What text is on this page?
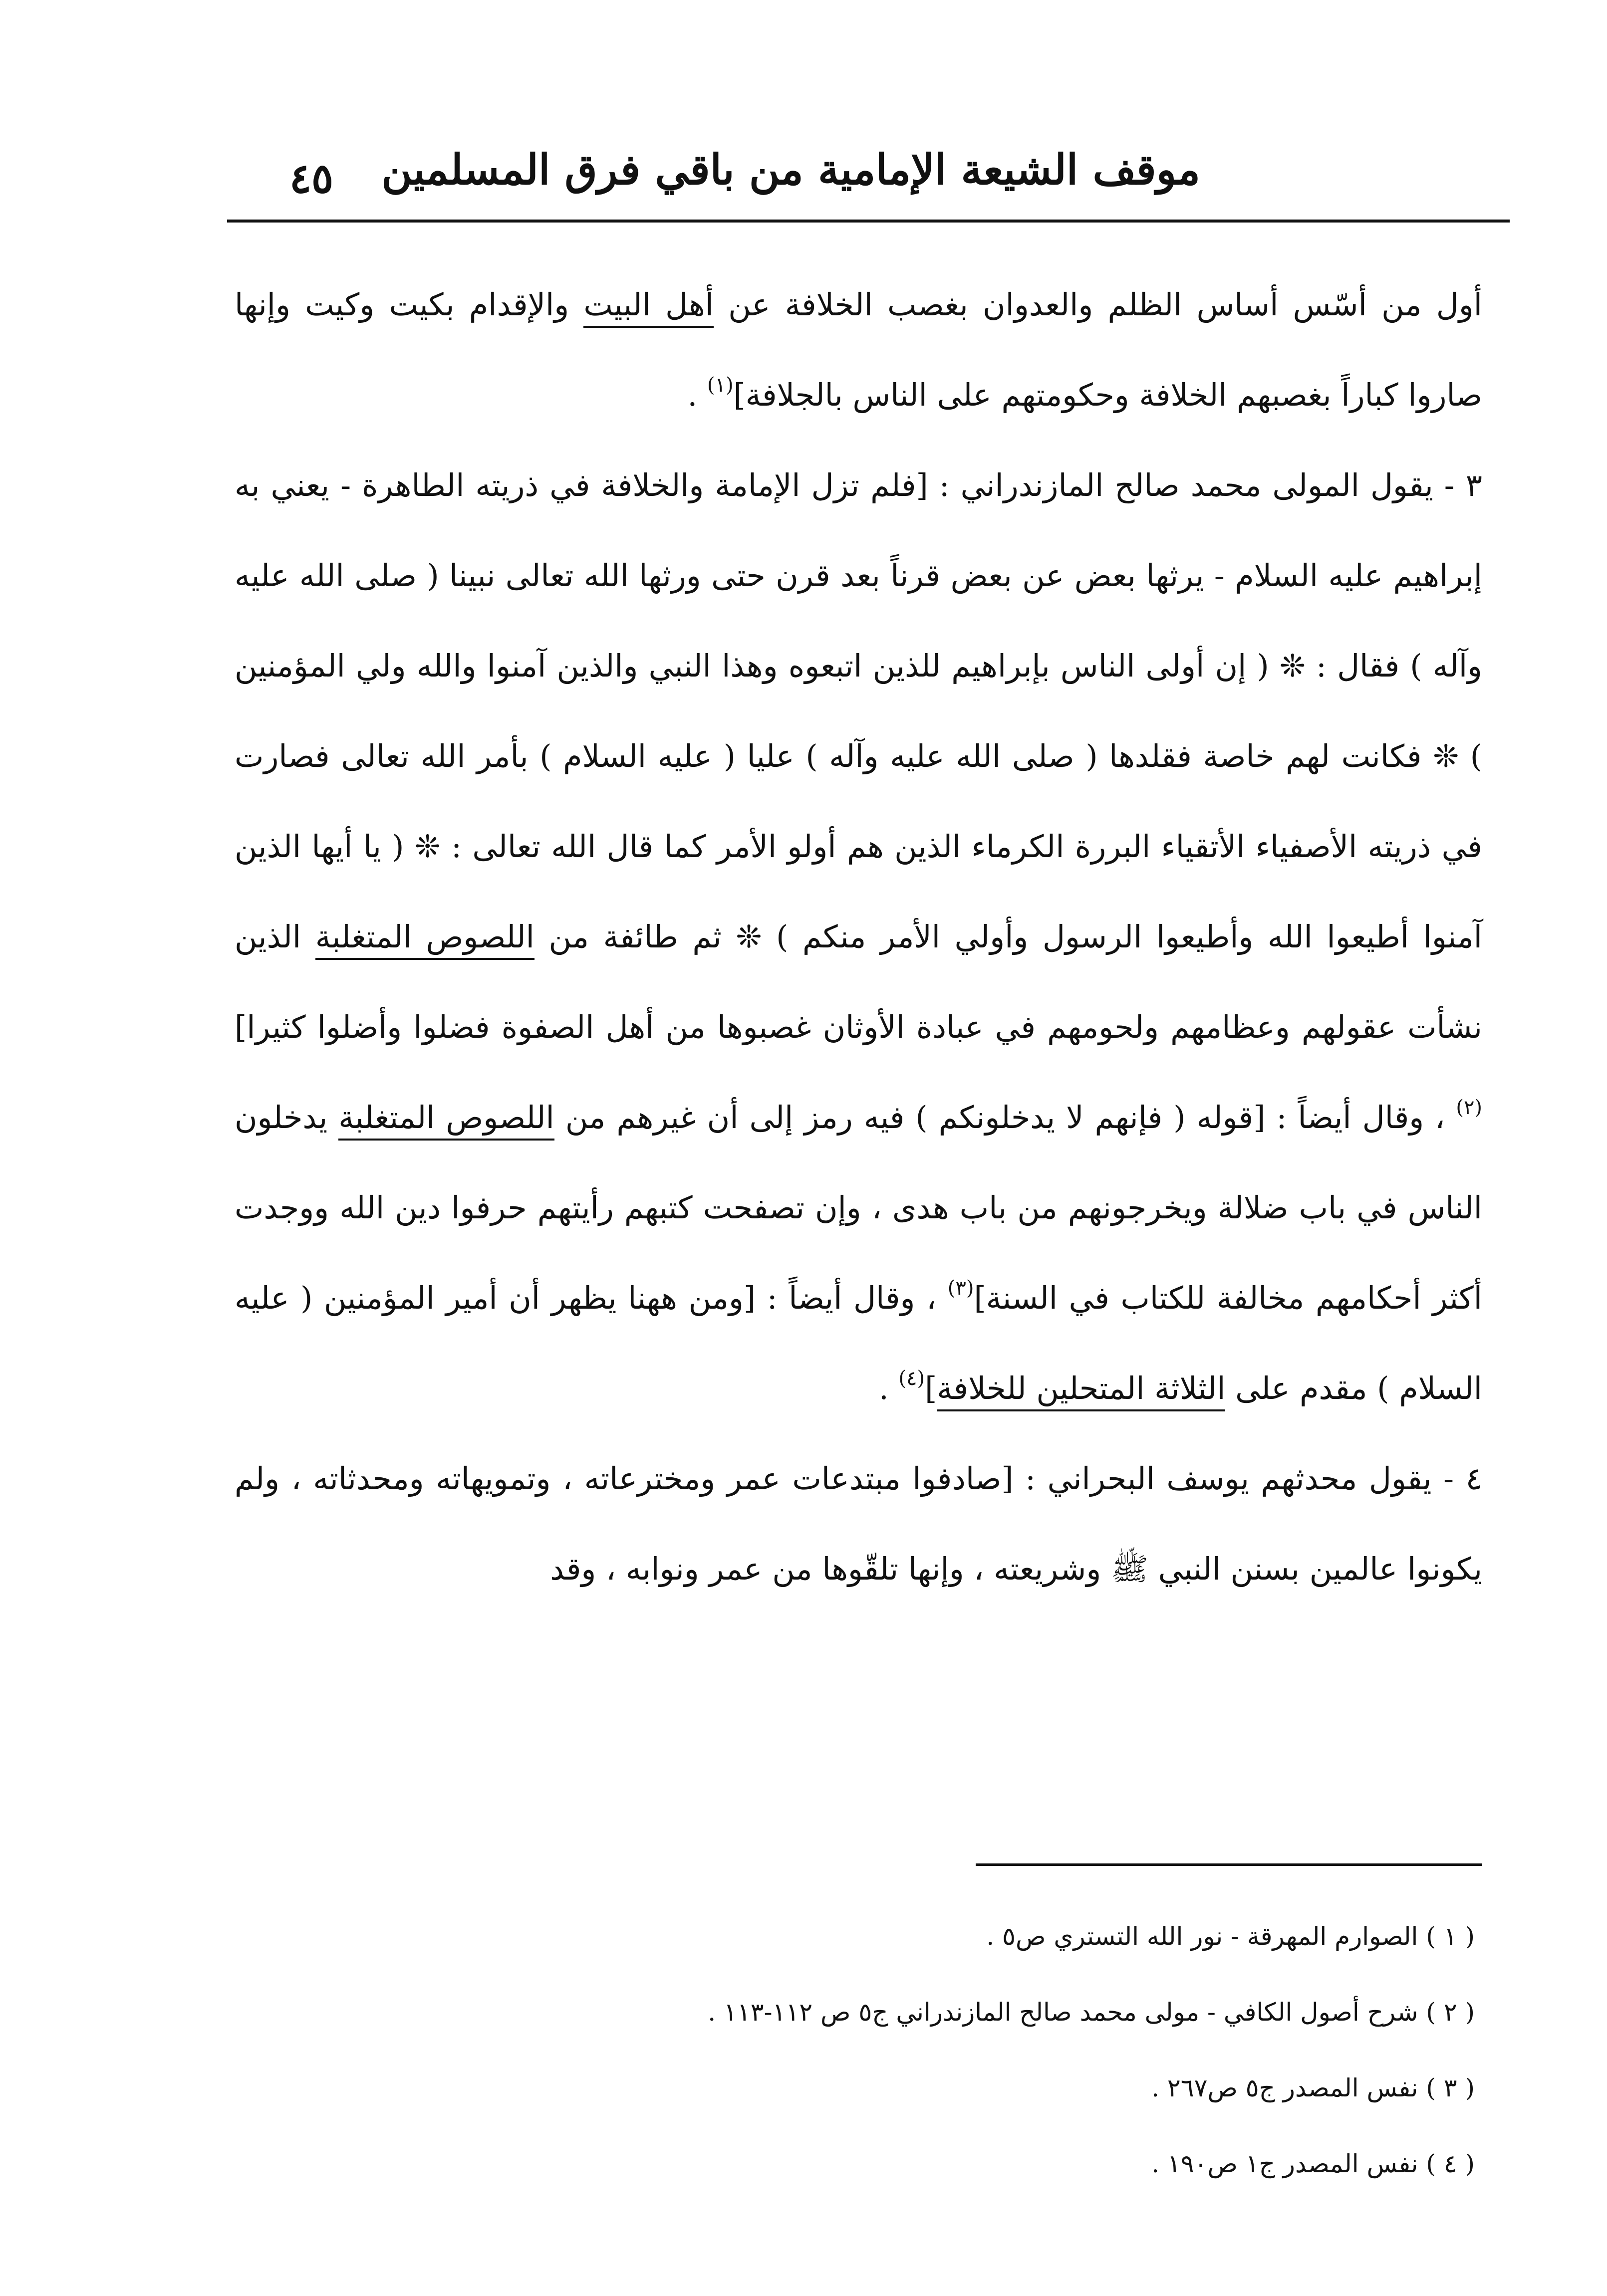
موقف الشيعة الإمامية من باقي فرق المسلمين
٤٥

أول من أسّس أساس الظلم والعدوان بغصب الخلافة عن أهل البيت والإقدام بكيت وكيت وإنها صاروا كباراً بغصبهم الخلافة وحكومتهم على الناس بالجلافة]$^{(١)}$ .

٣ - يقول المولى محمد صالح المازندراني : [فلم تزل الإمامة والخلافة في ذريته الطاهرة - يعني به إبراهيم عليه السلام - يرثها بعض عن بعض قرناً بعد قرن حتى ورثها الله تعالى نبينا ( صلى الله عليه وآله ) فقال : ❊ ( إن أولى الناس بإبراهيم للذين اتبعوه وهذا النبي والذين آمنوا والله ولي المؤمنين ) ❊ فكانت لهم خاصة فقلدها ( صلى الله عليه وآله ) عليا ( عليه السلام ) بأمر الله تعالى فصارت في ذريته الأصفياء الأتقياء البررة الكرماء الذين هم أولو الأمر كما قال الله تعالى : ❊ ( يا أيها الذين آمنوا أطيعوا الله وأطيعوا الرسول وأولي الأمر منكم ) ❊ ثم طائفة من اللصوص المتغلبة الذين نشأت عقولهم وعظامهم ولحومهم في عبادة الأوثان غصبوها من أهل الصفوة فضلوا وأضلوا كثيرا]$^{(٢)}$ ، وقال أيضاً : [قوله ( فإنهم لا يدخلونكم ) فيه رمز إلى أن غيرهم من اللصوص المتغلبة يدخلون الناس في باب ضلالة ويخرجونهم من باب هدى ، وإن تصفحت كتبهم رأيتهم حرفوا دين الله ووجدت أكثر أحكامهم مخالفة للكتاب في السنة]$^{(٣)}$ ، وقال أيضاً : [ومن ههنا يظهر أن أمير المؤمنين ( عليه السلام ) مقدم على الثلاثة المتحلين للخلافة]$^{(٤)}$ .

٤ - يقول محدثهم يوسف البحراني : [صادفوا مبتدعات عمر ومخترعاته ، وتمويهاته ومحدثاته ، ولم يكونوا عالمين بسنن النبي ﷺ وشريعته ، وإنها تلقّوها من عمر ونوابه ، وقد

( ١ ) الصوارم المهرقة - نور الله التستري ص٥ .

( ٢ ) شرح أصول الكافي - مولى محمد صالح المازندراني ج٥ ص ١١٢-١١٣ .

( ٣ ) نفس المصدر ج٥ ص٢٦٧ .

( ٤ ) نفس المصدر ج١ ص١٩٠ .
